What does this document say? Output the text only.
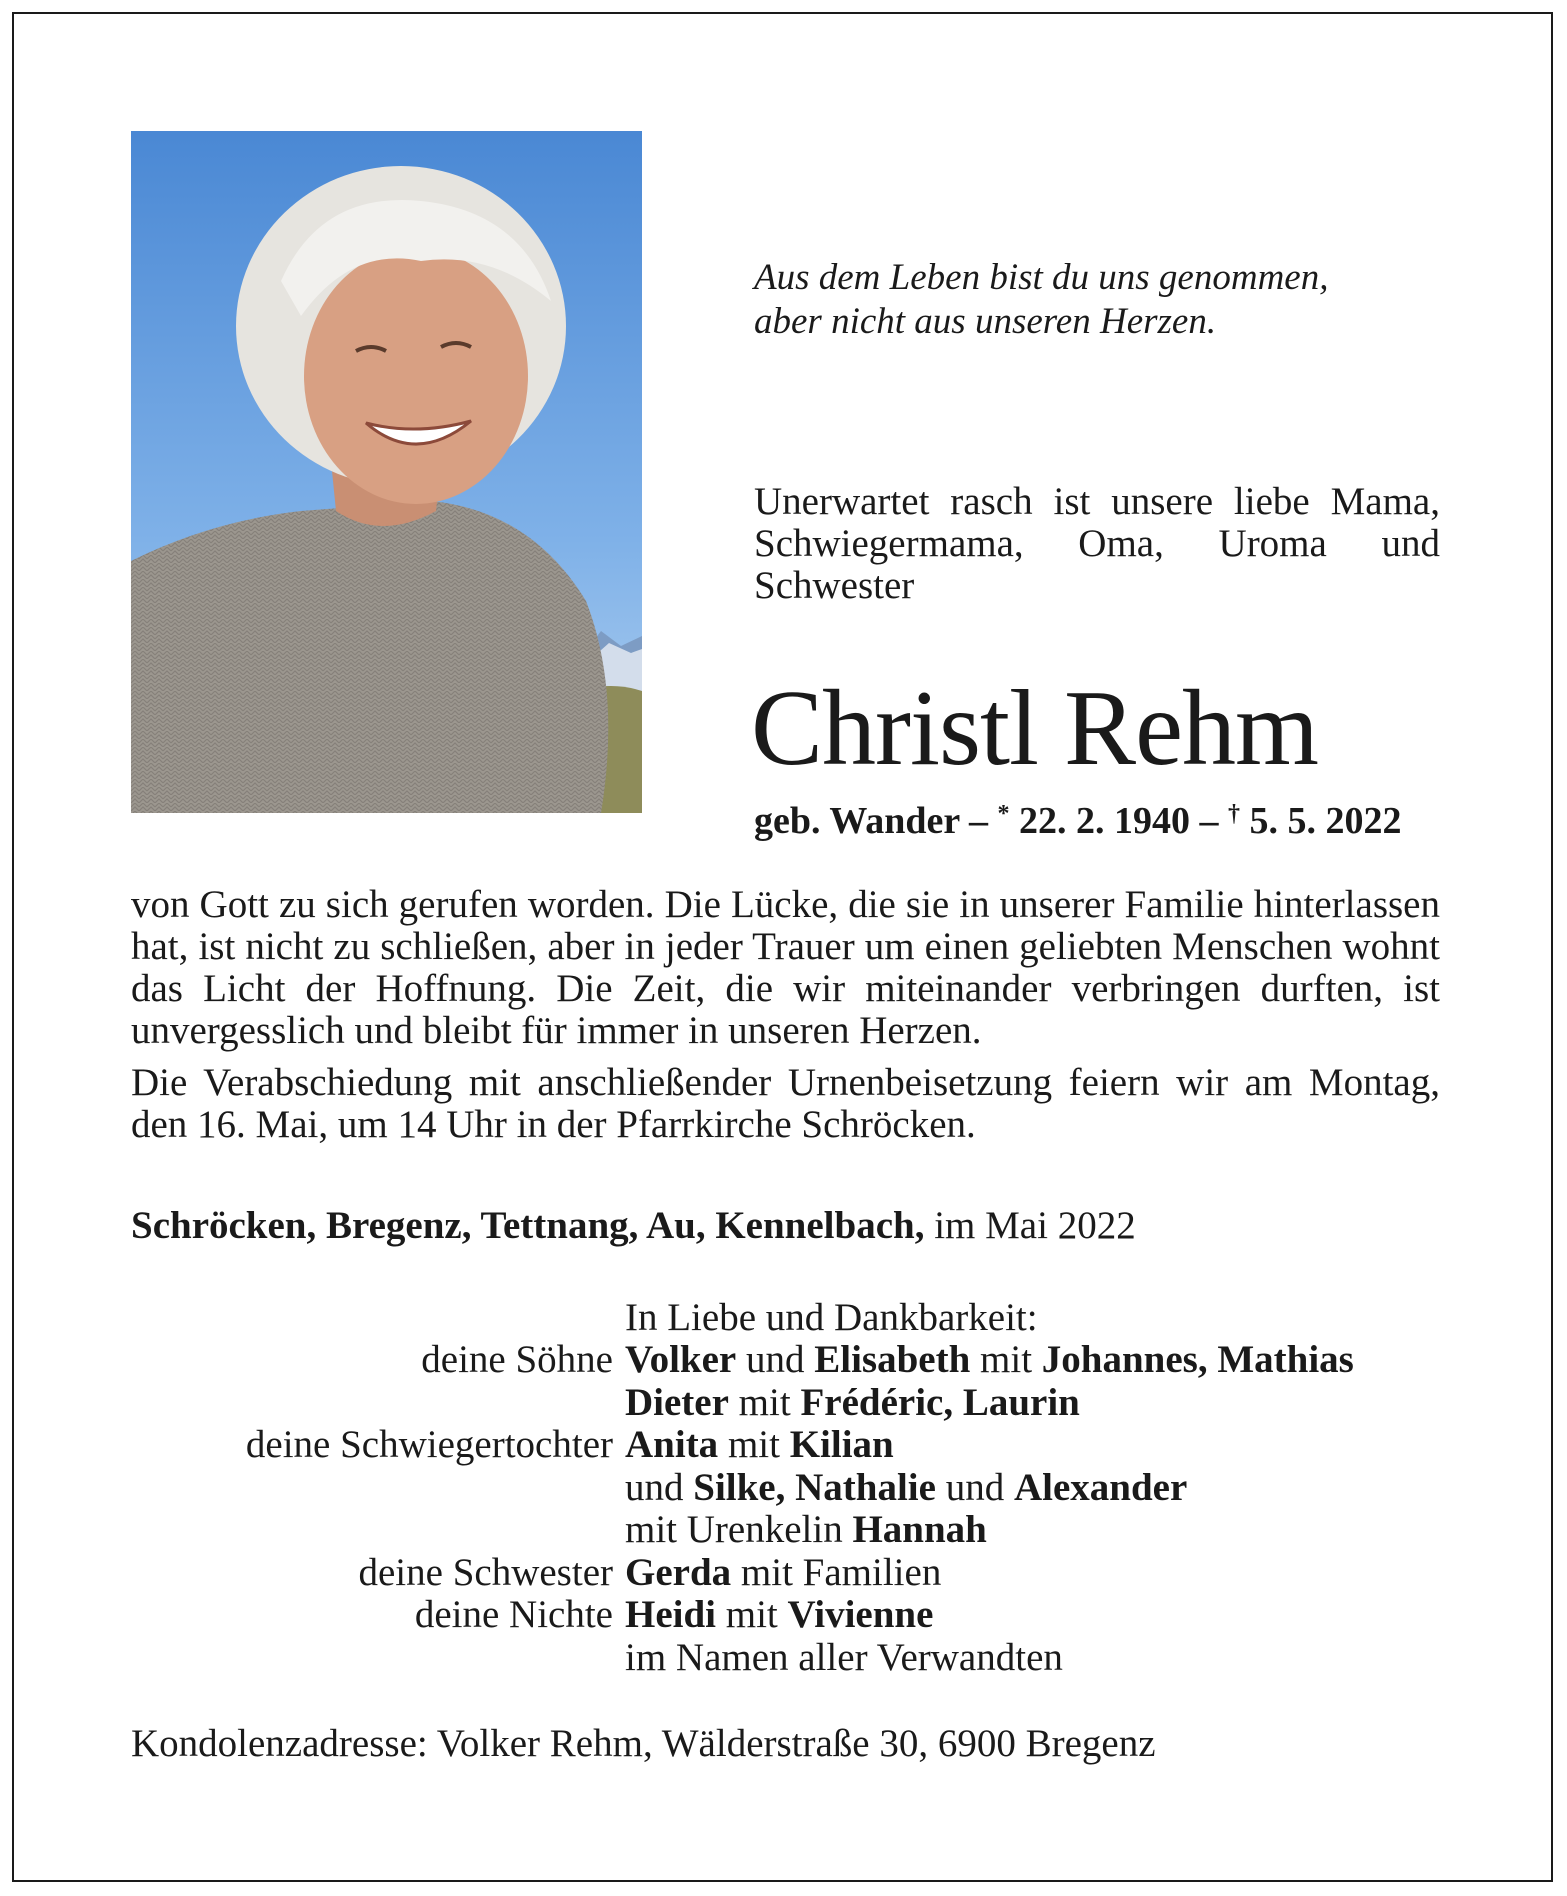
Aus dem Leben bist du uns genommen,
aber nicht aus unseren Herzen.
Unerwartet rasch ist unsere liebe Mama, Schwiegermama, Oma, Uroma und Schwester
Christl Rehm
geb. Wander – * 22. 2. 1940 – † 5. 5. 2022

von Gott zu sich gerufen worden. Die Lücke, die sie in unserer Familie hinterlassen hat, ist nicht zu schließen, aber in jeder Trauer um einen geliebten Menschen wohnt das Licht der Hoffnung. Die Zeit, die wir miteinander verbringen durften, ist unvergesslich und bleibt für immer in unseren Herzen.

Die Verabschiedung mit anschließender Urnenbeisetzung feiern wir am Montag, den 16. Mai, um 14 Uhr in der Pfarrkirche Schröcken.

Schröcken, Bregenz, Tettnang, Au, Kennelbach, im Mai 2022
In Liebe und Dankbarkeit:
deine Söhne Volker und Elisabeth mit Johannes, Mathias
Dieter mit Frédéric, Laurin
deine Schwiegertochter Anita mit Kilian
und Silke, Nathalie und Alexander
mit Urenkelin Hannah
deine Schwester Gerda mit Familien
deine Nichte Heidi mit Vivienne
im Namen aller Verwandten
Kondolenzadresse: Volker Rehm, Wälderstraße 30, 6900 Bregenz
